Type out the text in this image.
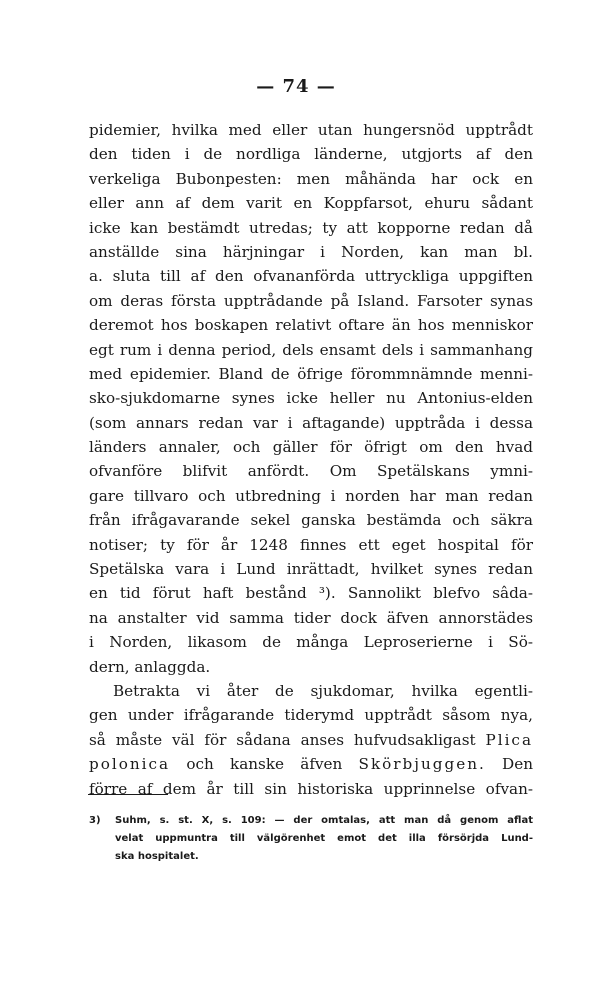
— 74 —
pidemier, hvilka med eller utan hungersnöd upptrådt
den tiden i de nordliga länderne, utgjorts af den
verkeliga Bubonpesten: men måhända har ock en
eller ann af dem varit en Koppfarsot, ehuru sådant
icke kan bestämdt utredas; ty att kopporne redan då
anställde sina härjningar i Norden, kan man bl.
a. sluta till af den ofvananförda uttryckliga uppgiften
om deras första upptrådande på Island. Farsoter synas
deremot hos boskapen relativt oftare än hos menniskor
egt rum i denna period, dels ensamt dels i sammanhang
med epidemier. Bland de öfrige förommnämnde menni-
sko-sjukdomarne synes icke heller nu Antonius-elden
(som annars redan var i aftagande) upptråda i dessa
länders annaler, och gäller för öfrigt om den hvad
ofvanföre blifvit anfördt. Om Spetälskans ymni-
gare tillvaro och utbredning i norden har man redan
från ifrågavarande sekel ganska bestämda och säkra
notiser; ty för år 1248 finnes ett eget hospital för
Spetälska vara i Lund inrättadt, hvilket synes redan
en tid förut haft bestånd ³). Sannolikt blefvo sâda-
na anstalter vid samma tider dock äfven annorstädes
i Norden, likasom de många Leproserierne i Sö-
dern, anlaggda.
Betrakta vi åter de sjukdomar, hvilka egentli-
gen under ifrågarande tiderymd upptrådt såsom nya,
så måste väl för sådana anses hufvudsakligast Plica
polonica och kanske äfven Skörbjuggen. Den
förre af dem år till sin historiska upprinnelse ofvan-
3) Suhm, s. st. X, s. 109: — der omtalas, att man då genom aflat
velat uppmuntra till välgörenhet emot det illa försörjda Lund-
ska hospitalet.
